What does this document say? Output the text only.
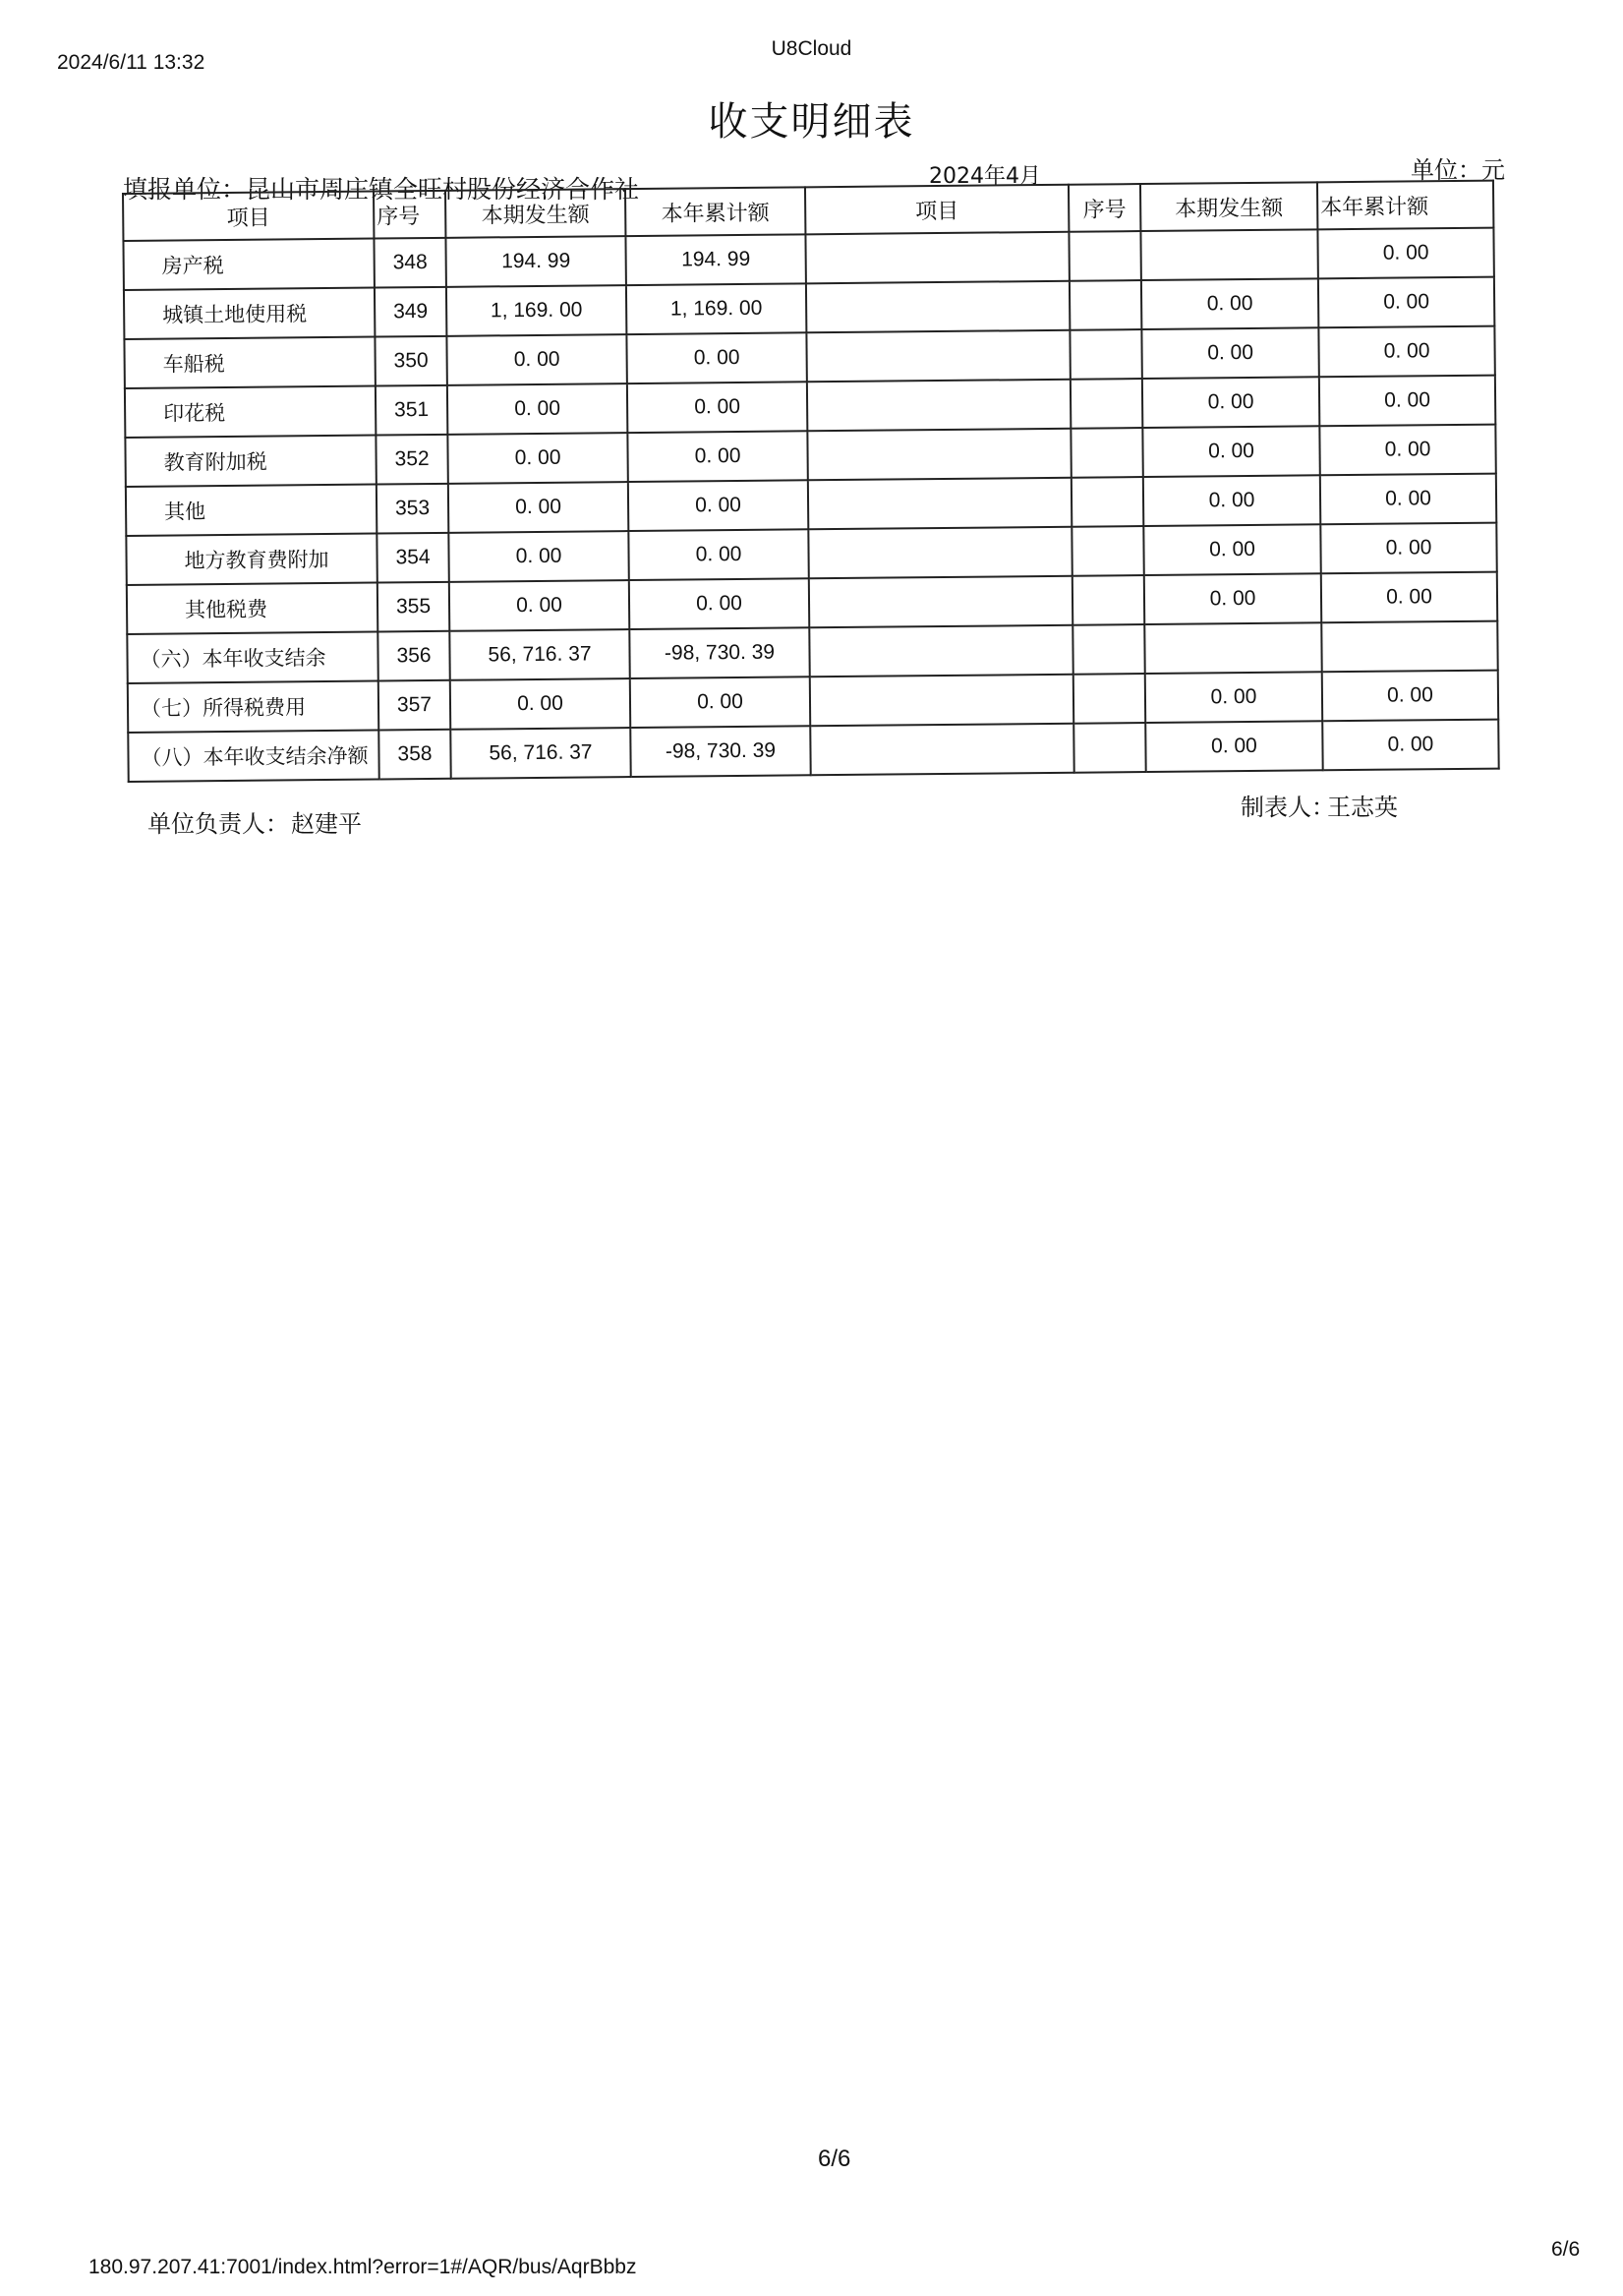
2024/6/11 13:32
U8Cloud
收支明细表
填报单位：昆山市周庄镇全旺村股份经济合作社	2024年4月	单位：元
项目	序号	本期发生额	本年累计额	项目	序号	本期发生额	本年累计额
房产税	348	194. 99	194. 99				0. 00
城镇土地使用税	349	1, 169. 00	1, 169. 00			0. 00	0. 00
车船税	350	0. 00	0. 00			0. 00	0. 00
印花税	351	0. 00	0. 00			0. 00	0. 00
教育附加税	352	0. 00	0. 00			0. 00	0. 00
其他	353	0. 00	0. 00			0. 00	0. 00
地方教育费附加	354	0. 00	0. 00			0. 00	0. 00
其他税费	355	0. 00	0. 00			0. 00	0. 00
（六）本年收支结余	356	56, 716. 37	-98, 730. 39				
（七）所得税费用	357	0. 00	0. 00			0. 00	0. 00
（八）本年收支结余净额	358	56, 716. 37	-98, 730. 39			0. 00	0. 00
单位负责人： 赵建平
制表人：
王志英
6/6
180.97.207.41:7001/index.html?error=1#/AQR/bus/AqrBbbz
6/6
